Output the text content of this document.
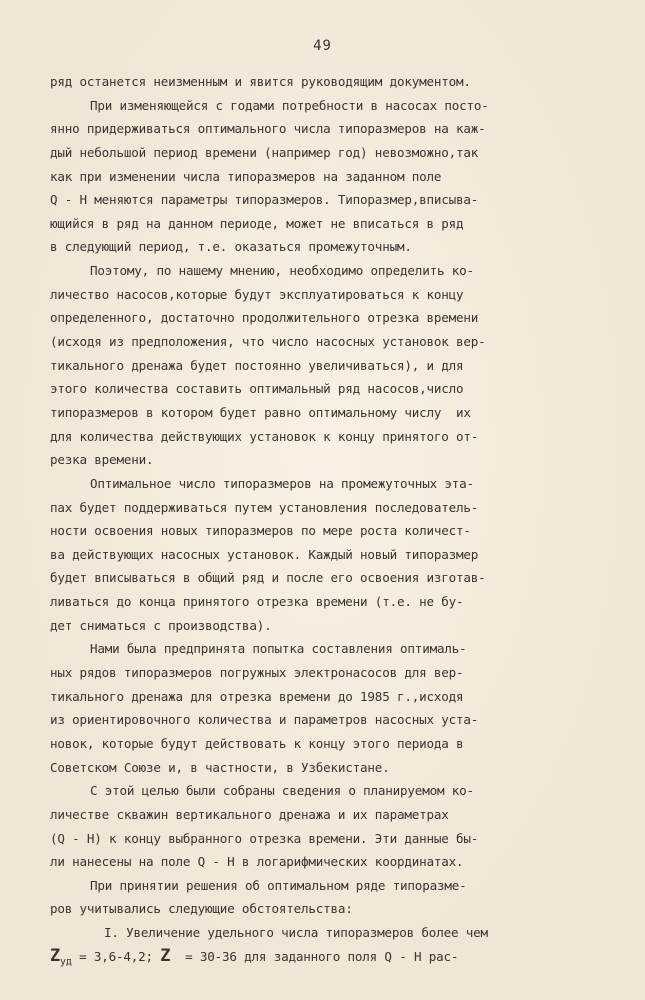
49
ряд останется неизменным и явится руководящим документом.
При изменяющейся с годами потребности в насосах посто-
янно придерживаться оптимального числа типоразмеров на каж-
дый небольшой период времени (например год) невозможно,так
как при изменении числа типоразмеров на заданном поле
Q - H меняются параметры типоразмеров. Типоразмер,вписыва-
ющийся в ряд на данном периоде, может не вписаться в ряд
в следующий период, т.е. оказаться промежуточным.
Поэтому, по нашему мнению, необходимо определить ко-
личество насосов,которые будут эксплуатироваться к концу
определенного, достаточно продолжительного отрезка времени
(исходя из предположения, что число насосных установок вер-
тикального дренажа будет постоянно увеличиваться), и для
этого количества составить оптимальный ряд насосов,число
типоразмеров в котором будет равно оптимальному числу  их
для количества действующих установок к концу принятого от-
резка времени.
Оптимальное число типоразмеров на промежуточных эта-
пах будет поддерживаться путем установления последователь-
ности освоения новых типоразмеров по мере роста количест-
ва действующих насосных установок. Каждый новый типоразмер
будет вписываться в общий ряд и после его освоения изготав-
ливаться до конца принятого отрезка времени (т.е. не бу-
дет сниматься с производства).
Нами была предпринята попытка составления оптималь-
ных рядов типоразмеров погружных электронасосов для вер-
тикального дренажа для отрезка времени до 1985 г.,исходя
из ориентировочного количества и параметров насосных уста-
новок, которые будут действовать к концу этого периода в
Советском Союзе и, в частности, в Узбекистане.
С этой целью были собраны сведения о планируемом ко-
личестве скважин вертикального дренажа и их параметрах
(Q - H) к концу выбранного отрезка времени. Эти данные бы-
ли нанесены на поле Q - H в логарифмических координатах.
При принятии решения об оптимальном ряде типоразме-
ров учитывались следующие обстоятельства:
I. Увеличение удельного числа типоразмеров более чем
$Z_{уд} = 3,6-4,2$; Z  = 30-36 для заданного поля Q - H рас-
